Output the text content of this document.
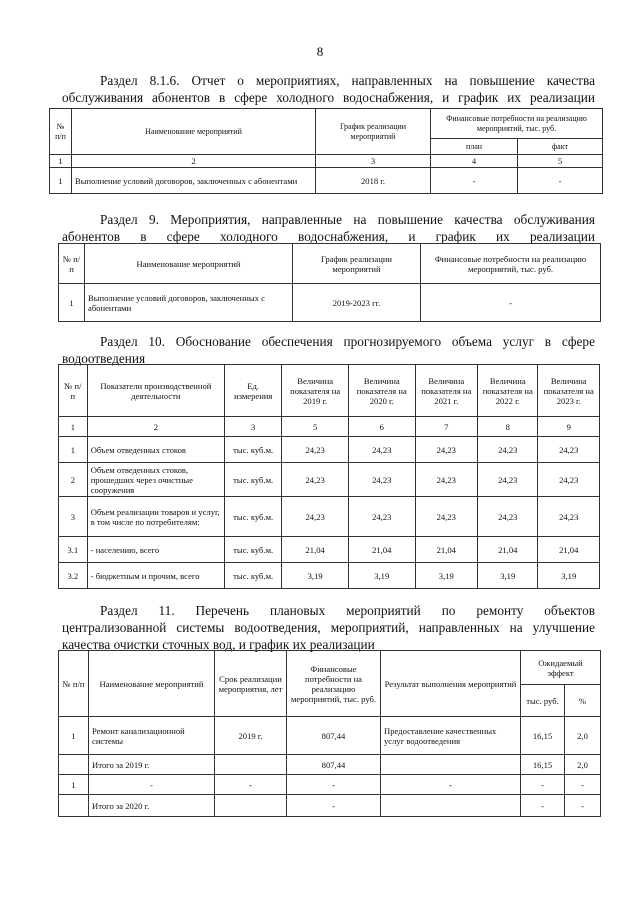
8
Раздел 8.1.6. Отчет о мероприятиях, направленных на повышение качества
обслуживания абонентов в сфере холодного водоснабжения, и график их реализации
№ п/п	Наименование мероприятий	График реализации мероприятий	Финансовые потребности на реализацию мероприятий, тыс. руб.	
			план	факт
1	2	3	4	5
1	Выполнение условий договоров, заключенных с абонентами	2018 г.	-	-
Раздел 9. Мероприятия, направленные на повышение качества обслуживания
абонентов в сфере холодного водоснабжения, и график их реализации
№ п/п	Наименование мероприятий	График реализации мероприятий	Финансовые потребности на реализацию мероприятий, тыс. руб.
1	Выполнение условий договоров, заключенных с абонентами	2019-2023 гг.	-
Раздел 10. Обоснование обеспечения прогнозируемого объема услуг в сфере
водоотведения
№ п/п	Показатели производственной деятельности	Ед. измерения	Величина показателя на 2019 г.	Величина показателя на 2020 г.	Величина показателя на 2021 г.	Величина показателя на 2022 г.	Величина показателя на 2023 г.
1	2	3	5	6	7	8	9
1	Объем отведенных стоков	тыс. куб.м.	24,23	24,23	24,23	24,23	24,23
2	Объем отведенных стоков, прошедших через очистные сооружения	тыс. куб.м.	24,23	24,23	24,23	24,23	24,23
3	Объем реализации товаров и услуг, в том числе по потребителям:	тыс. куб.м.	24,23	24,23	24,23	24,23	24,23
3.1	- населению, всего	тыс. куб.м.	21,04	21,04	21,04	21,04	21,04
3.2	- бюджетным и прочим, всего	тыс. куб.м.	3,19	3,19	3,19	3,19	3,19
Раздел 11. Перечень плановых мероприятий по ремонту объектов
централизованной системы водоотведения, мероприятий, направленных на улучшение
качества очистки сточных вод, и график их реализации
№ п/п	Наименование мероприятий	Срок реализации мероприятия, лет	Финансовые потребности на реализацию мероприятий, тыс. руб.	Результат выполнения мероприятий	Ожидаемый эффект	
					тыс. руб.	%
1	Ремонт канализационной системы	2019 г.	807,44	Предоставление качественных услуг водоотведения	16,15	2,0
	Итого за 2019 г.		807,44		16,15	2,0
1	-	-	-	-	-	-
	Итого за 2020 г.		-		-	-
